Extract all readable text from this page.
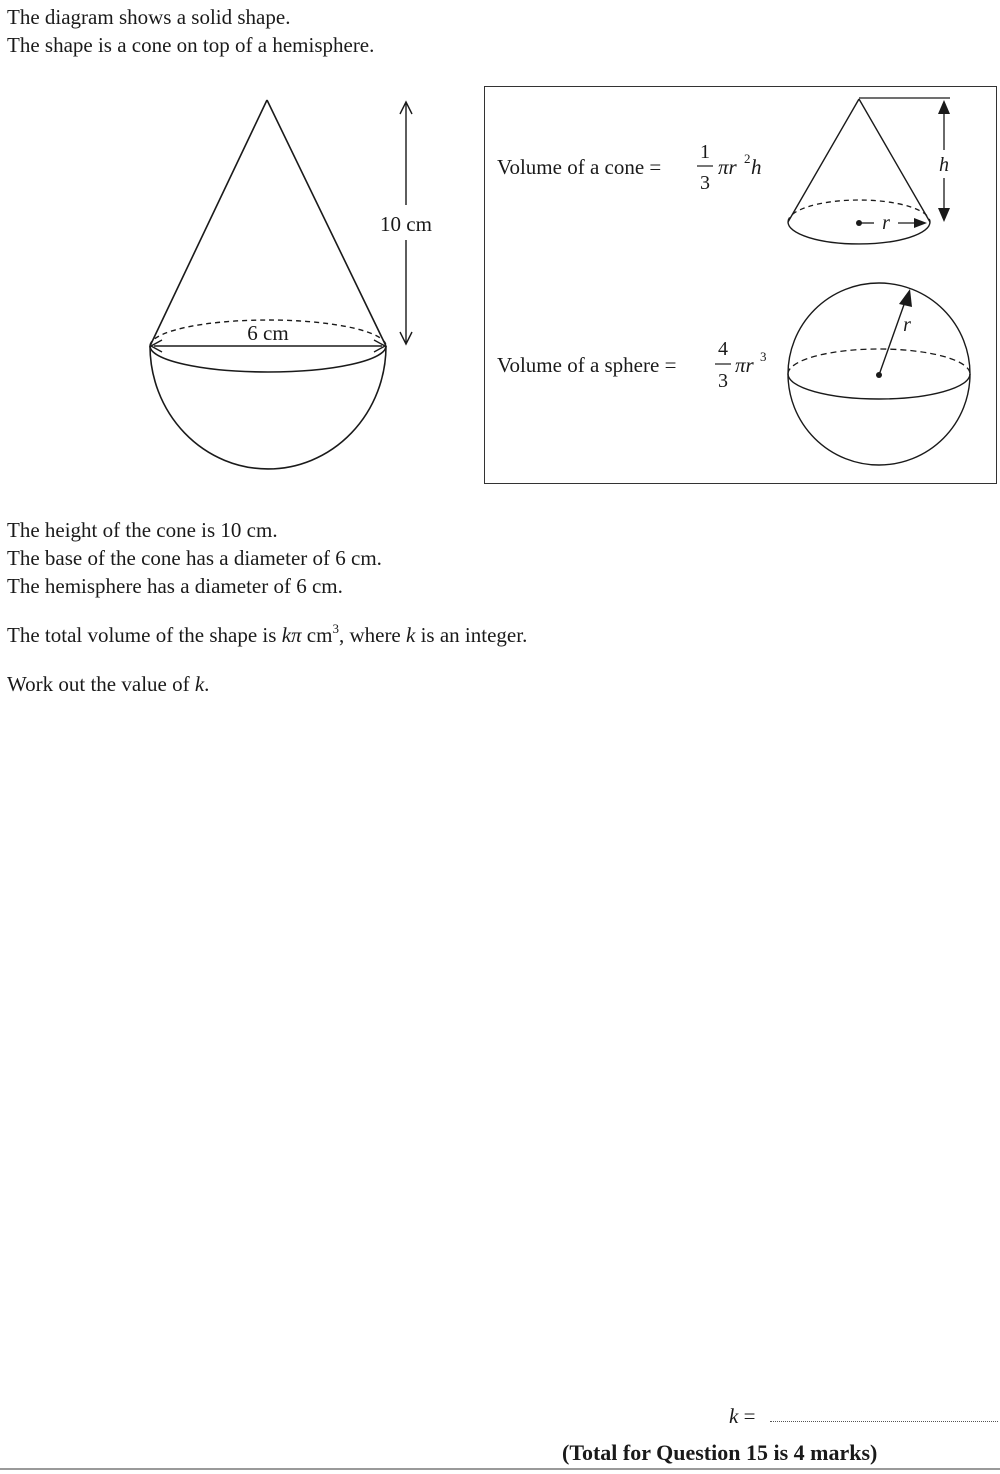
The diagram shows a solid shape.

The shape is a cone on top of a hemisphere.

6 cm
10 cm
Volume of a cone =
1
3
πr 2 h
r
h
Volume of a sphere =
4
3
πr 3
r

The height of the cone is 10 cm.

The base of the cone has a diameter of 6 cm.

The hemisphere has a diameter of 6 cm.

The total volume of the shape is kπ $cm^3$, where k is an integer.

Work out the value of k.

k =

(Total for Question 15 is 4 marks)
